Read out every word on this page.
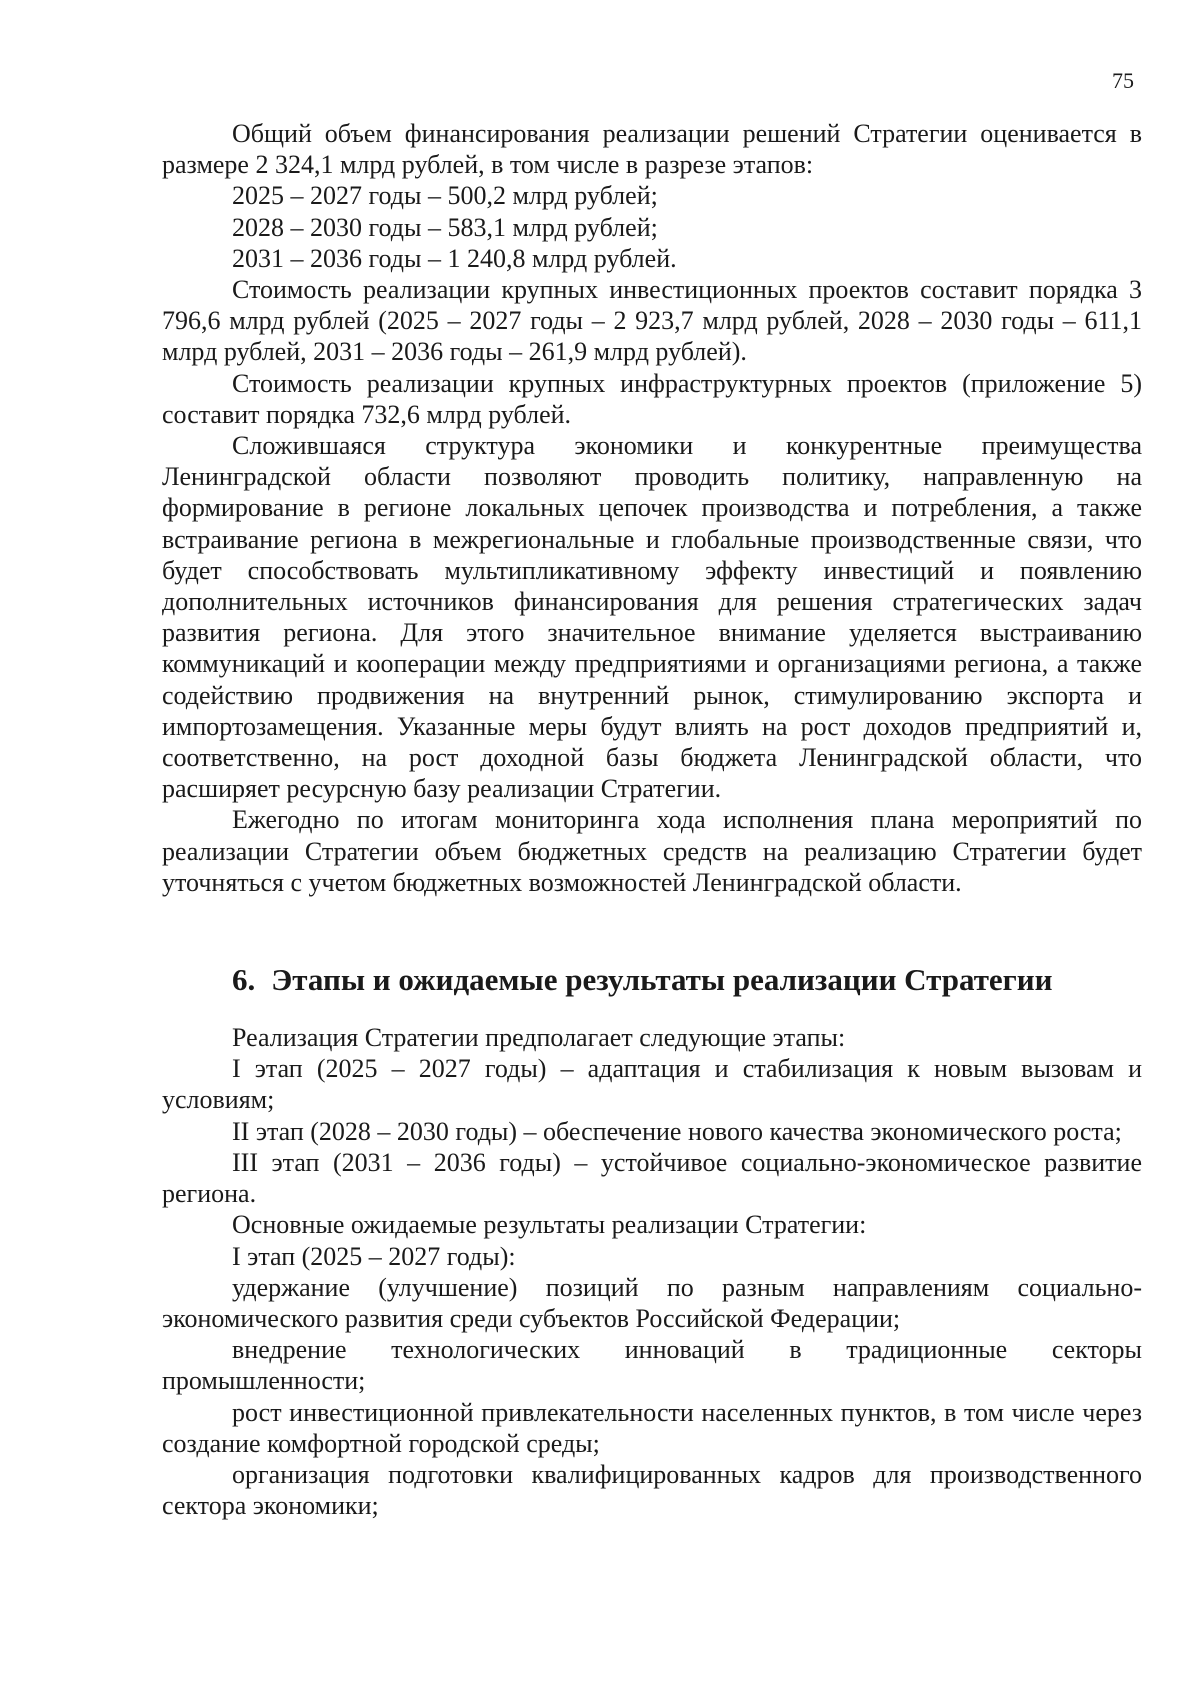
75

Общий объем финансирования реализации решений Стратегии оценивается в размере 2 324,1 млрд рублей, в том числе в разрезе этапов:

2025 – 2027 годы – 500,2 млрд рублей;

2028 – 2030 годы – 583,1 млрд рублей;

2031 – 2036 годы – 1 240,8 млрд рублей.

Стоимость реализации крупных инвестиционных проектов составит порядка 3 796,6 млрд рублей (2025 – 2027 годы – 2 923,7 млрд рублей, 2028 – 2030 годы – 611,1 млрд рублей, 2031 – 2036 годы – 261,9 млрд рублей).

Стоимость реализации крупных инфраструктурных проектов (приложение 5) составит порядка 732,6 млрд рублей.

Сложившаяся структура экономики и конкурентные преимущества Ленинградской области позволяют проводить политику, направленную на формирование в регионе локальных цепочек производства и потребления, а также встраивание региона в межрегиональные и глобальные производственные связи, что будет способствовать мультипликативному эффекту инвестиций и появлению дополнительных источников финансирования для решения стратегических задач развития региона. Для этого значительное внимание уделяется выстраиванию коммуникаций и кооперации между предприятиями и организациями региона, а также содействию продвижения на внутренний рынок, стимулированию экспорта и импортозамещения. Указанные меры будут влиять на рост доходов предприятий и, соответственно, на рост доходной базы бюджета Ленинградской области, что расширяет ресурсную базу реализации Стратегии.

Ежегодно по итогам мониторинга хода исполнения плана мероприятий по реализации Стратегии объем бюджетных средств на реализацию Стратегии будет уточняться с учетом бюджетных возможностей Ленинградской области.

6. Этапы и ожидаемые результаты реализации Стратегии

Реализация Стратегии предполагает следующие этапы:

I этап (2025 – 2027 годы) – адаптация и стабилизация к новым вызовам и условиям;

II этап (2028 – 2030 годы) – обеспечение нового качества экономического роста;

III этап (2031 – 2036 годы) – устойчивое социально-экономическое развитие региона.

Основные ожидаемые результаты реализации Стратегии:

I этап (2025 – 2027 годы):

удержание (улучшение) позиций по разным направлениям социально-экономического развития среди субъектов Российской Федерации;

внедрение технологических инноваций в традиционные секторы промышленности;

рост инвестиционной привлекательности населенных пунктов, в том числе через создание комфортной городской среды;

организация подготовки квалифицированных кадров для производственного сектора экономики;
